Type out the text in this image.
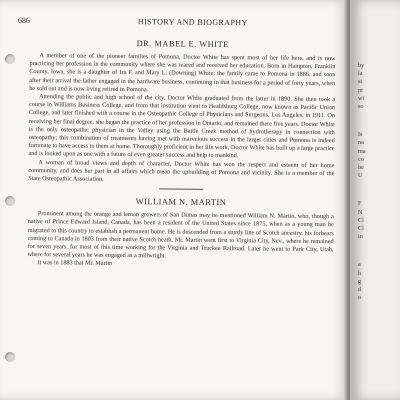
686	HISTORY AND BIOGRAPHY
DR. MABEL E. WHITE

A member of one of the pioneer families of Pomona, Doctor White has spent most of her life here, and is now practicing her profession in the community where she was reared and received her education. Born in Hampton, Franklin County, Iowa, she is a daughter of Ira F. and Mary L. (Downing) White; the family came to Pomona in 1886, and soon after their arrival the father engaged in the hardware business, continuing in that business for a period of forty years, when he sold out and is now living retired in Pomona.

Attending the public and high school of the city, Doctor White graduated from the latter in 1890. She then took a course in Williams Business College, and from that institution went to Healdsburg College, now known as Pacific Union College, and later finished with a course in the Osteopathic College of Physicians and Surgeons, Los Angeles, in 1911. On receiving her final degree, she began the practice of her profession in Ontario, and remained there five years. Doctor White is the only osteopathic physician in the Valley using the Battle Creek method of hydrotherapy in connection with osteopathy; this combination of treatments having met with marvelous success in the larger cities and Pomona is indeed fortunate to have access to them at home. Thoroughly proficient in her life work, Doctor White has built up a large practice and is looked upon as one with a future of even greater success and help to mankind.

A woman of broad views and depth of character, Doctor White has won the respect and esteem of her home community, and does her part in all affairs which mean the upbuilding of Pomona and vicinity. She is a member of the State Osteopathic Association.

WILLIAM N. MARTIN

Prominent among the orange and lemon growers of San Dimas may be mentioned William N. Martin, who, though a native of Prince Edward Island, Canada, has been a resident of the United States since 1875, when as a young man he migrated to this country to establish a permanent home. He is descended from a sturdy line of Scotch ancestry, his forbears coming to Canada in 1803 from their native Scotch heath. Mr. Martin went first to Virginia City, Nev., where he remained for seven years, for most of this time working for the Virginia and Truckee Railroad. Later he went to Park City, Utah, where for several years he was engaged as a millwright.

It was in 1883 that Mr. Martin

by
la
st
pr
wi
so
Is
na
ma
co
be
U
F
N
Cl
Cl
in
a
h
g
d
o
